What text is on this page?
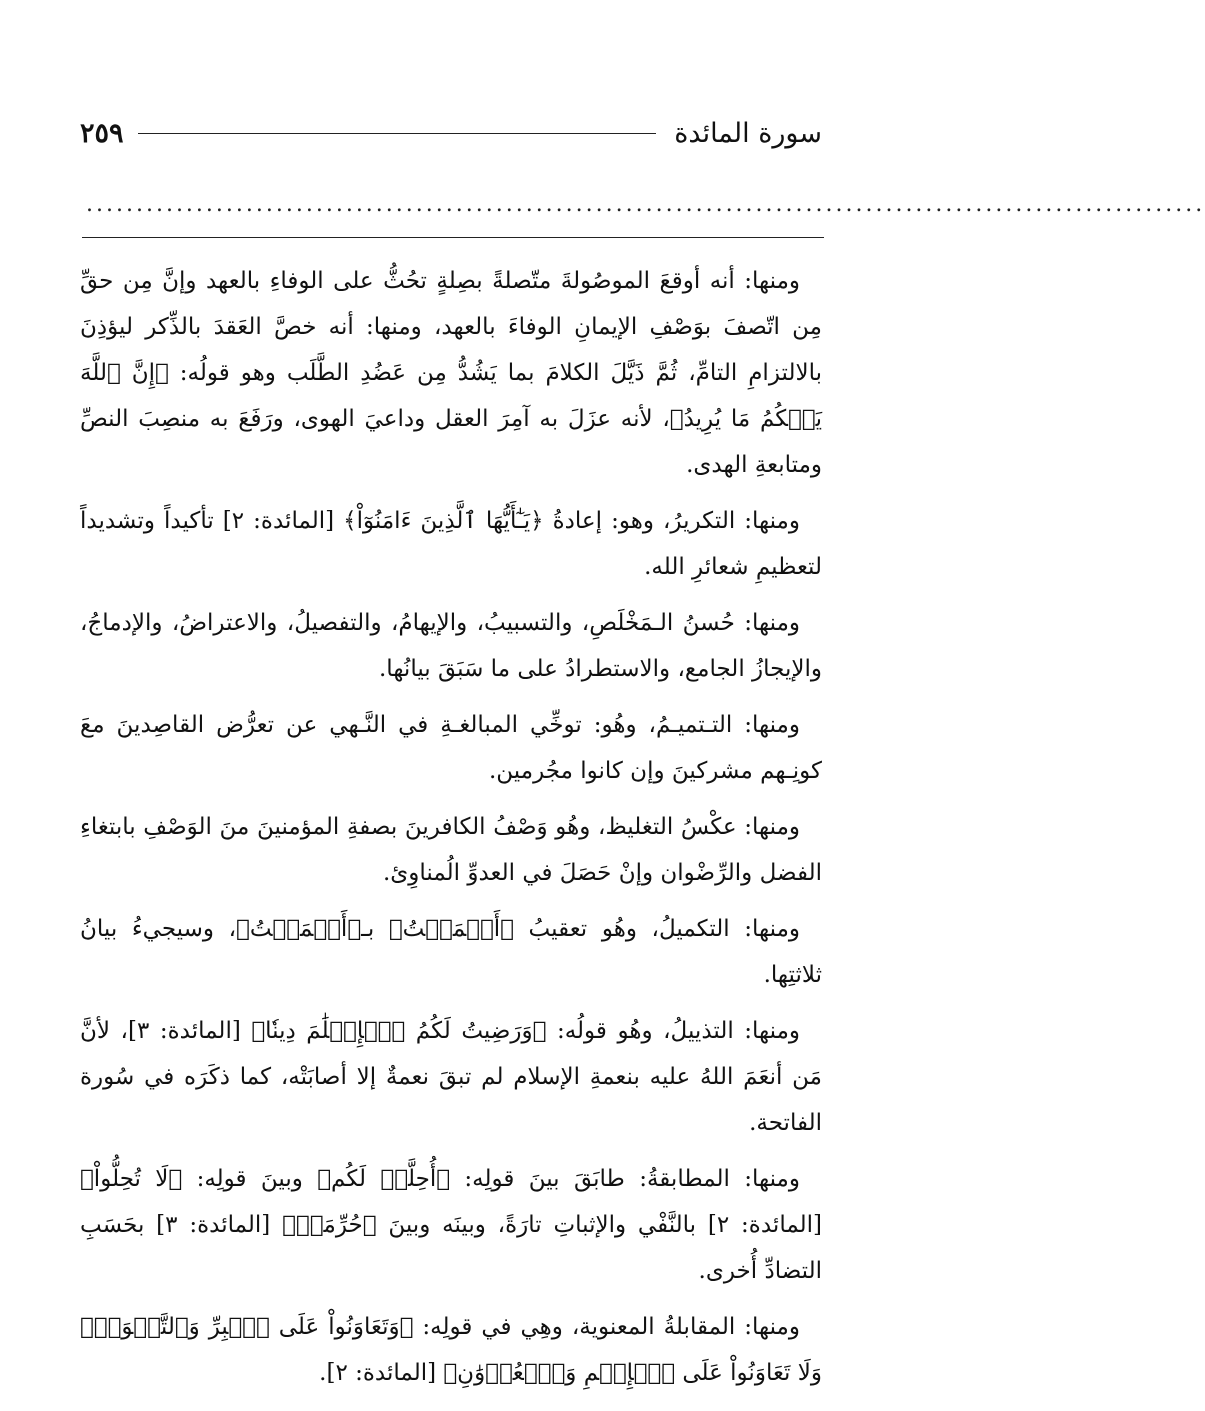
سورة المائدة
٢٥٩
................................................................................................................

ومنها: أنه أوقعَ الموصُولةَ متّصلةً بصِلةٍ تحُثُّ على الوفاءِ بالعهد وإنَّ مِن حقِّ مِن اتّصفَ بوَصْفِ الإيمانِ الوفاءَ بالعهد، ومنها: أنه خصَّ العَقدَ بالذِّكر ليؤذِنَ بالالتزامِ التامِّ، ثُمَّ ذَيَّلَ الكلامَ بما يَشُدُّ مِن عَضُدِ الطَّلَب وهو قولُه: ﴿إِنَّ ٱللَّهَ يَحۡكُمُ مَا يُرِيدُ﴾، لأنه عزَلَ به آمِرَ العقل وداعيَ الهوى، ورَفَعَ به منصِبَ النصِّ ومتابعةِ الهدى.

ومنها: التكريرُ، وهو: إعادةُ ﴿يَـٰٓأَيُّهَا ٱلَّذِينَ ءَامَنُوٓاْ﴾ [المائدة: ٢] تأكيداً وتشديداً لتعظيمِ شعائرِ الله.

ومنها: حُسنُ الـمَخْلَصِ، والتسبيبُ، والإيهامُ، والتفصيلُ، والاعتراضُ، والإدماجُ، والإيجازُ الجامع، والاستطرادُ على ما سَبَقَ بيانُها.

ومنها: التـتميـمُ، وهُو: توخِّي المبالغـةِ في النَّـهي عن تعرُّض القاصِدينَ معَ كونِـهم مشركينَ وإن كانوا مجُرمين.

ومنها: عكْسُ التغليظ، وهُو وَصْفُ الكافرينَ بصفةِ المؤمنينَ منَ الوَصْفِ بابتغاءِ الفضل والرِّضْوان وإنْ حَصَلَ في العدوِّ الُمناوِئ.

ومنها: التكميلُ، وهُو تعقيبُ ﴿أَكۡمَلۡتُ﴾ بـ﴿أَتۡمَمۡتُ﴾، وسيجيءُ بيانُ ثلاثتِها.

ومنها: التذييلُ، وهُو قولُه: ﴿وَرَضِيتُ لَكُمُ ٱلۡإِسۡلَٰمَ دِينٗا﴾ [المائدة: ٣]، لأنَّ مَن أنعَمَ اللهُ عليه بنعمةِ الإسلام لم تبقَ نعمةٌ إلا أصابَتْه، كما ذكَرَه في سُورة الفاتحة.

ومنها: المطابقةُ: طابَقَ بينَ قولِه: ﴿أُحِلَّتۡ لَكُم﴾ وبينَ قولِه: ﴿لَا تُحِلُّواْ﴾ [المائدة: ٢] بالنَّفْي والإثباتِ تارَةً، وبينَه وبينَ ﴿حُرِّمَتۡ﴾ [المائدة: ٣] بحَسَبِ التضادِّ أُخرى.

ومنها: المقابلةُ المعنوية، وهِي في قولِه: ﴿وَتَعَاوَنُواْ عَلَى ٱلۡبِرِّ وَٱلتَّقۡوَىٰۖ وَلَا تَعَاوَنُواْ عَلَى ٱلۡإِثۡمِ وَٱلۡعُدۡوَٰنِ﴾ [المائدة: ٢].
